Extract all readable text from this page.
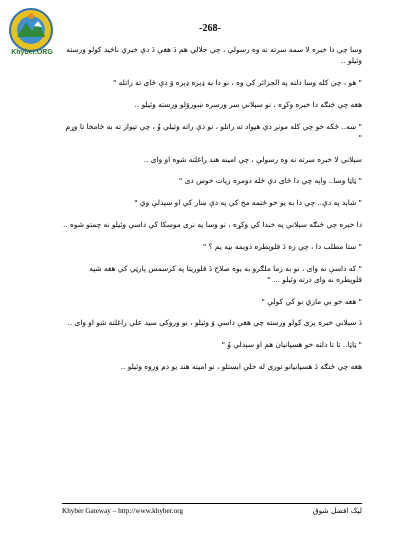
Khyber.ORG
-268-

وسا چي دا خبره لا سمه سرته نه وه رسولې ، چي جلالي هم دَ هغې دَ دې خبري ناڅيد کولو ورسته وئيلو ..

" هو ، چي کله وسا دلته په الجزائر کي وه ، نو دا به ډېره ډېره وَ دې ځای ته راتله "

هغه چي ځنګه دا خبره وکړه ، نو سېلاني سر ورسره ښوروَلو ورسته وئيلو ..

" ښه.. ځکه خو چي کله مونږ دې هيواد ته راتلو ، نو دې راته وئيلي وُ ، چي تيواز ته به ځامخا تا وړم "

سېلاني لا خبره سرته نه وه رسولې ، چي امينه هند راغلته شوه او وای ..

" ټاټا وسا.. واپه چي دا ځای دې ځله دومره زيات خوښ دی "

" شايد په دې.. چي دا به يو خو ځنمه مخ کي په دې ښار کي او سېدلې وي "

دا خبره چي ځنګه سېلاني په خندا کي وکړه ، نو وسا په نری موسکا کي داسې وئيلو نه چمتو شوه ..

" ستا مطلب دا ، چي زه دَ قلوپطره دويمه بڼه يم ؟ "

" که داسې نه وای ، نو به زما ملګرو به يوه صلاح دَ قلوريتا په کرسمس پارټي کي هغه شپه قلوپطره نه وای درته وئيلو ... "

" هغه خو بې مازي نو کي کولې "

دَ سېلاني خبره پری کولو ورسته چي هغې داسې وَ وئيلو ، نو وروکی سيد علي راغلته شو او وای ..

" ټاټا.. تا تا دلته خو هسپانيان هم او سېدلي وُ "

هغه چي ځنګه دَ هسپانيانو توری له خلې ايستلو ، نو امينه هند يو دم وروه وئيلو ..

Khyber Gateway – http://www.khyber.org	ليک افضل شوق
